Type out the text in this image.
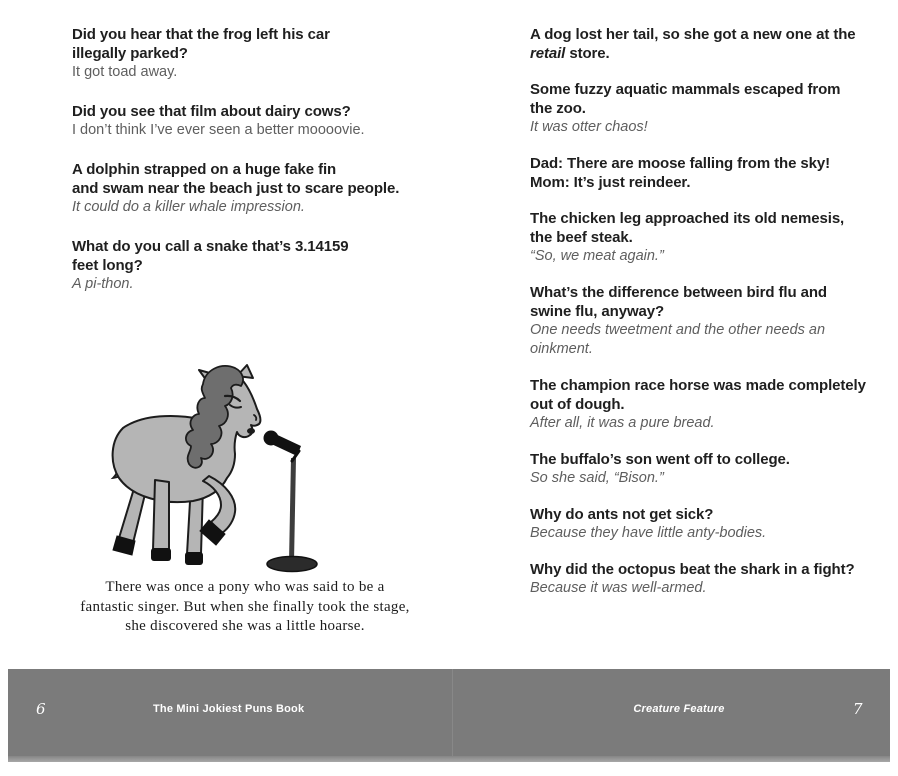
Did you hear that the frog left his car
illegally parked?
It got toad away.
Did you see that film about dairy cows?
I don’t think I’ve ever seen a better moooovie.
A dolphin strapped on a huge fake fin
and swam near the beach just to scare people.
It could do a killer whale impression.
What do you call a snake that’s 3.14159
feet long?
A pi-thon.
A dog lost her tail, so she got a new one at the
retail store.
Some fuzzy aquatic mammals escaped from
the zoo.
It was otter chaos!
Dad: There are moose falling from the sky!
Mom: It’s just reindeer.
The chicken leg approached its old nemesis,
the beef steak.
“So, we meat again.”
What’s the difference between bird flu and
swine flu, anyway?
One needs tweetment and the other needs an
oinkment.
The champion race horse was made completely
out of dough.
After all, it was a pure bread.
The buffalo’s son went off to college.
So she said, “Bison.”
Why do ants not get sick?
Because they have little anty-bodies.
Why did the octopus beat the shark in a fight?
Because it was well-armed.
There was once a pony who was said to be a
fantastic singer. But when she finally took the stage,
she discovered she was a little hoarse.
6	The Mini Jokiest Puns Book	Creature Feature	7
